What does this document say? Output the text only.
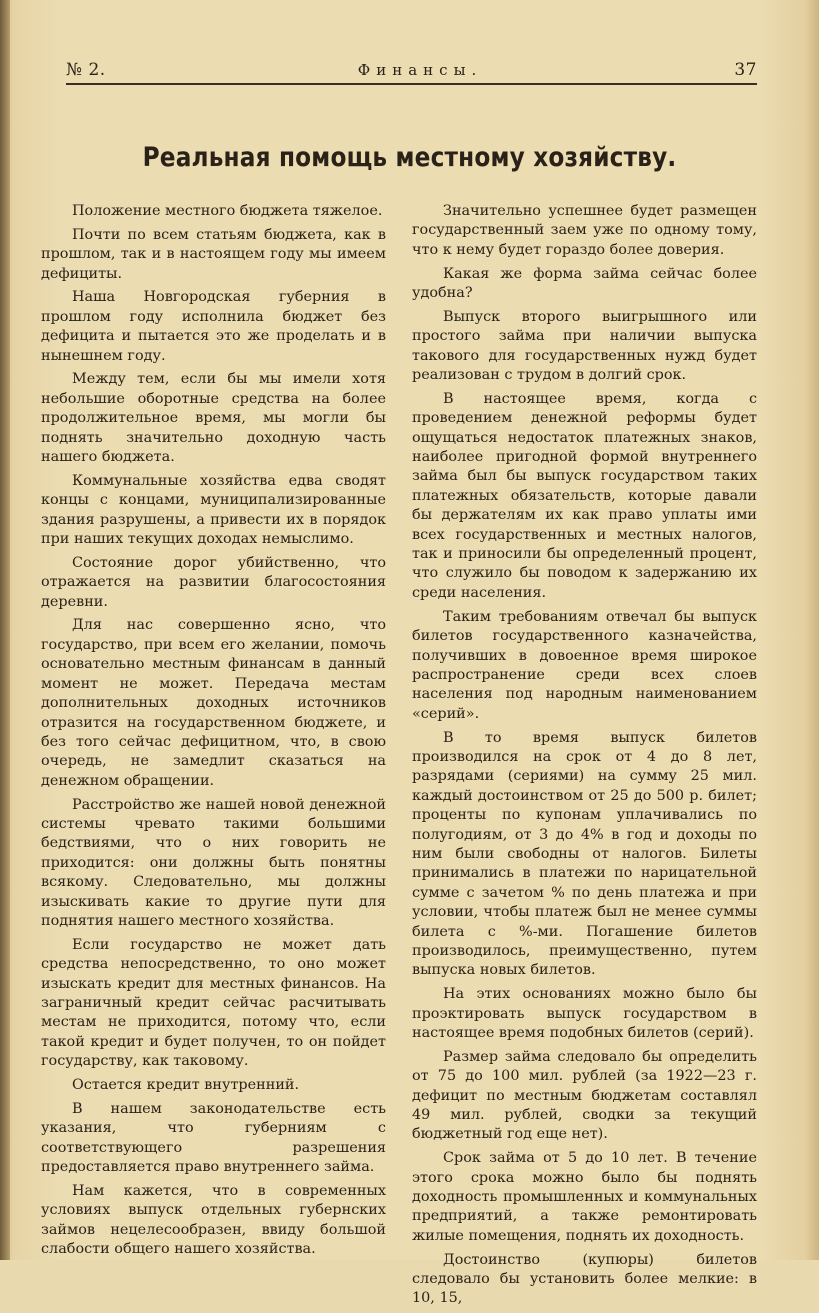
№ 2.	Финансы.	37
Реальная помощь местному хозяйству.

Положение местного бюджета тяжелое.

Почти по всем статьям бюджета, как в прошлом, так и в настоящем году мы имеем дефициты.

Наша Новгородская губерния в прошлом году исполнила бюджет без дефицита и пытается это же проделать и в нынешнем году.

Между тем, если бы мы имели хотя небольшие оборотные средства на более продолжительное время, мы могли бы поднять значительно доходную часть нашего бюджета.

Коммунальные хозяйства едва сводят концы с концами, муниципализированные здания разрушены, а привести их в порядок при наших текущих доходах немыслимо.

Состояние дорог убийственно, что отражается на развитии благосостояния деревни.

Для нас совершенно ясно, что государство, при всем его желании, помочь основательно местным финансам в данный момент не может. Передача местам дополнительных доходных источников отразится на государственном бюджете, и без того сейчас дефицитном, что, в свою очередь, не замедлит сказаться на денежном обращении.

Расстройство же нашей новой денежной системы чревато такими большими бедствиями, что о них говорить не приходится: они должны быть понятны всякому. Следовательно, мы должны изыскивать какие то другие пути для поднятия нашего местного хозяйства.

Если государство не может дать средства непосредственно, то оно может изыскать кредит для местных финансов. На заграничный кредит сейчас расчитывать местам не приходится, потому что, если такой кредит и будет получен, то он пойдет государству, как таковому.

Остается кредит внутренний.

В нашем законодательстве есть указания, что губерниям с соответствующего разрешения предоставляется право внутреннего займа.

Нам кажется, что в современных условиях выпуск отдельных губернских займов нецелесообразен, ввиду большой слабости общего нашего хозяйства.

Значительно успешнее будет размещен государственный заем уже по одному тому, что к нему будет гораздо более доверия.

Какая же форма займа сейчас более удобна?

Выпуск второго выигрышного или простого займа при наличии выпуска таковогo для государственных нужд будет реализован с трудом в долгий срок.

В настоящее время, когда с проведением денежной реформы будет ощущаться недостаток платежных знаков, наиболее пригодной формой внутреннего займа был бы выпуск государством таких платежных обязательств, которые давали бы держателям их как право уплаты ими всех государственных и местных налогов, так и приносили бы определенный процент, что служило бы поводом к задержанию их среди населения.

Таким требованиям отвечал бы выпуск билетов государственного казначейства, получивших в довоенное время широкое распространение среди всех слоев населения под народным наименованием «серий».

В то время выпуск билетов производился на срок от 4 до 8 лет, разрядами (сериями) на сумму 25 мил. каждый достоинством от 25 до 500 р. билет; проценты по купонам уплачивались по полугодиям, от 3 до 4% в год и доходы по ним были свободны от налогов. Билеты принимались в платежи по нарицательной сумме с зачетом % по день платежа и при условии, чтобы платеж был не менее суммы билета с %-ми. Погашение билетов производилось, преимущественно, путем выпуска новых билетов.

На этих основаниях можно было бы проэктировать выпуск государством в настоящее время подобных билетов (серий).

Размер займа следовало бы определить от 75 до 100 мил. рублей (за 1922—23 г. дефицит по местным бюджетам составлял 49 мил. рублей, сводки за текущий бюджетный год еще нет).

Срок займа от 5 до 10 лет. В течение этого срока можно было бы поднять доходность промышленных и коммунальных предприятий, а также ремонтировать жилые помещения, поднять их доходность.

Достоинство (купюры) билетов следовало бы установить более мелкие: в 10, 15,
